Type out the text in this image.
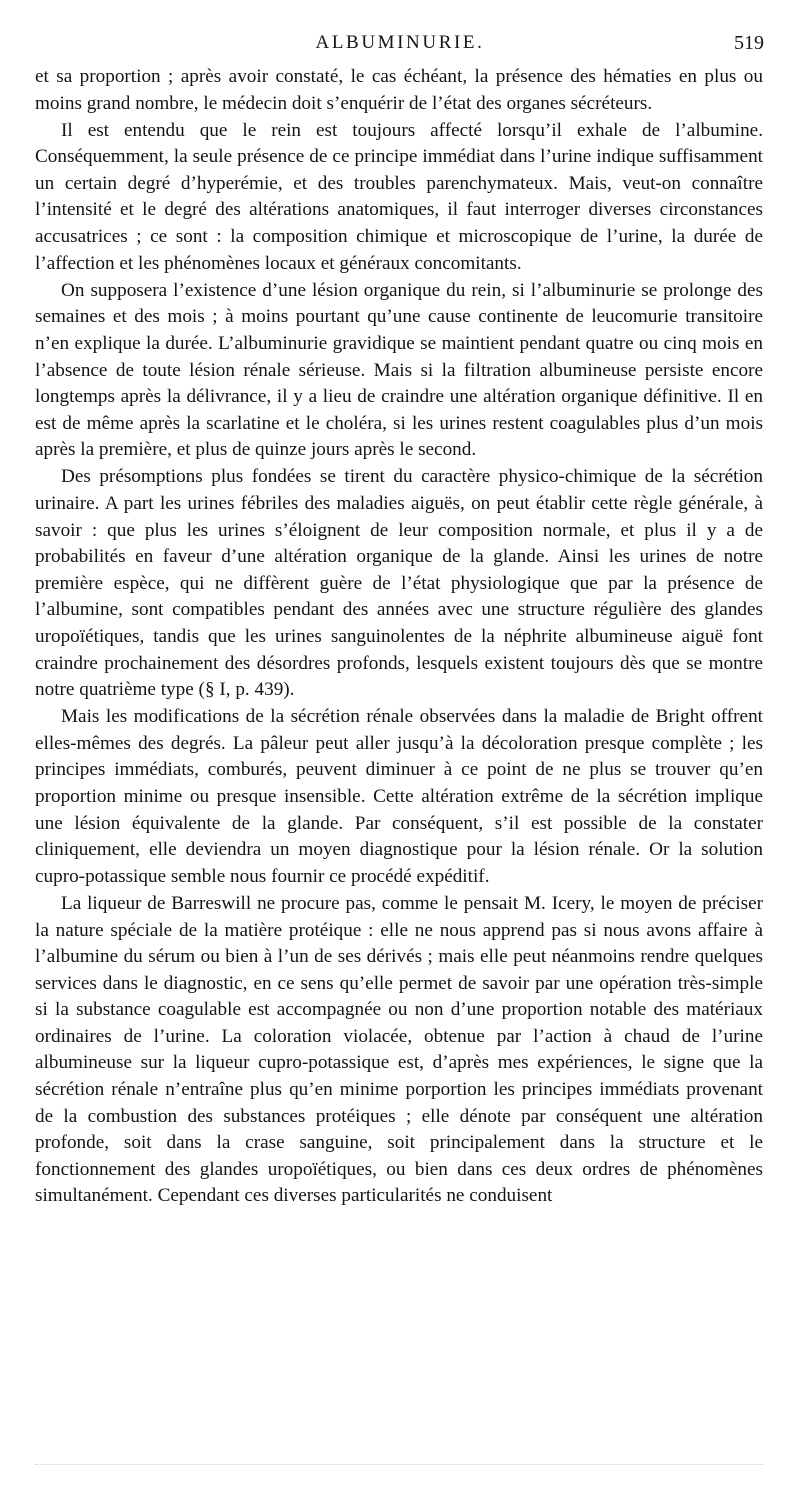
ALBUMINURIE.	519

et sa proportion ; après avoir constaté, le cas échéant, la présence des hématies en plus ou moins grand nombre, le médecin doit s’enquérir de l’état des organes sécréteurs.

Il est entendu que le rein est toujours affecté lorsqu’il exhale de l’albumine. Conséquemment, la seule présence de ce principe immédiat dans l’urine indique suffisamment un certain degré d’hyperémie, et des troubles parenchymateux. Mais, veut-on connaître l’intensité et le degré des altérations anatomiques, il faut interroger diverses circonstances accusatrices ; ce sont : la composition chimique et microscopique de l’urine, la durée de l’affection et les phénomènes locaux et généraux concomitants.

On supposera l’existence d’une lésion organique du rein, si l’albuminurie se prolonge des semaines et des mois ; à moins pourtant qu’une cause continente de leucomurie transitoire n’en explique la durée. L’albuminurie gravidique se maintient pendant quatre ou cinq mois en l’absence de toute lésion rénale sérieuse. Mais si la filtration albumineuse persiste encore longtemps après la délivrance, il y a lieu de craindre une altération organique définitive. Il en est de même après la scarlatine et le choléra, si les urines restent coagulables plus d’un mois après la première, et plus de quinze jours après le second.

Des présomptions plus fondées se tirent du caractère physico-chimique de la sécrétion urinaire. A part les urines fébriles des maladies aiguës, on peut établir cette règle générale, à savoir : que plus les urines s’éloignent de leur composition normale, et plus il y a de probabilités en faveur d’une altération organique de la glande. Ainsi les urines de notre première espèce, qui ne diffèrent guère de l’état physiologique que par la présence de l’albumine, sont compatibles pendant des années avec une structure régulière des glandes uropoïétiques, tandis que les urines sanguinolentes de la néphrite albumineuse aiguë font craindre prochainement des désordres profonds, lesquels existent toujours dès que se montre notre quatrième type (§ I, p. 439).

Mais les modifications de la sécrétion rénale observées dans la maladie de Bright offrent elles-mêmes des degrés. La pâleur peut aller jusqu’à la décoloration presque complète ; les principes immédiats, comburés, peuvent diminuer à ce point de ne plus se trouver qu’en proportion minime ou presque insensible. Cette altération extrême de la sécrétion implique une lésion équivalente de la glande. Par conséquent, s’il est possible de la constater cliniquement, elle deviendra un moyen diagnostique pour la lésion rénale. Or la solution cupro-potassique semble nous fournir ce procédé expéditif.

La liqueur de Barreswill ne procure pas, comme le pensait M. Icery, le moyen de préciser la nature spéciale de la matière protéique : elle ne nous apprend pas si nous avons affaire à l’albumine du sérum ou bien à l’un de ses dérivés ; mais elle peut néanmoins rendre quelques services dans le diagnostic, en ce sens qu’elle permet de savoir par une opération très-simple si la substance coagulable est accompagnée ou non d’une proportion notable des matériaux ordinaires de l’urine. La coloration violacée, obtenue par l’action à chaud de l’urine albumineuse sur la liqueur cupro-potassique est, d’après mes expériences, le signe que la sécrétion rénale n’entraîne plus qu’en minime porportion les principes immédiats provenant de la combustion des substances protéiques ; elle dénote par conséquent une altération profonde, soit dans la crase sanguine, soit principalement dans la structure et le fonctionnement des glandes uropoïétiques, ou bien dans ces deux ordres de phénomènes simultanément. Cependant ces diverses particularités ne conduisent
